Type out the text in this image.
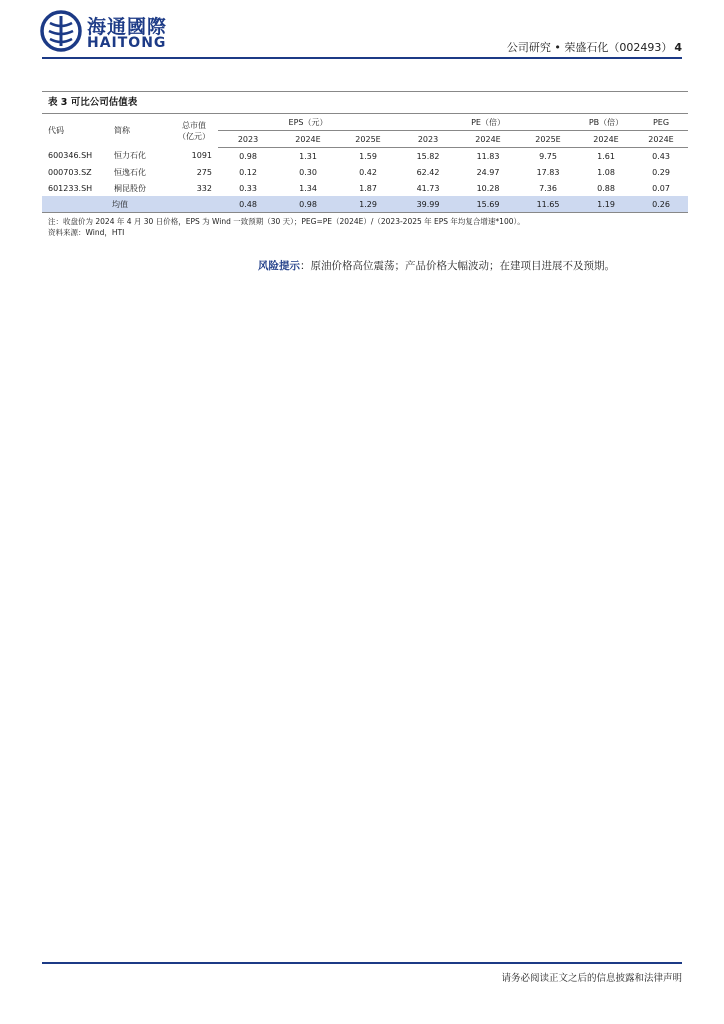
海通國際
HAITONG	公司研究 • 荣盛石化（002493） 4
表 3 可比公司估值表
代码	简称	总市值
（亿元）	EPS（元）			PE（倍）			PB（倍）	PEG
			2023	2024E	2025E	2023	2024E	2025E	2024E	2024E
600346.SH	恒力石化	1091	0.98	1.31	1.59	15.82	11.83	9.75	1.61	0.43
000703.SZ	恒逸石化	275	0.12	0.30	0.42	62.42	24.97	17.83	1.08	0.29
601233.SH	桐昆股份	332	0.33	1.34	1.87	41.73	10.28	7.36	0.88	0.07
	均值		0.48	0.98	1.29	39.99	15.69	11.65	1.19	0.26
注：收盘价为 2024 年 4 月 30 日价格，EPS 为 Wind 一致预期（30 天）；PEG=PE（2024E）/（2023-2025 年 EPS 年均复合增速*100）。
资料来源：Wind，HTI
风险提示：原油价格高位震荡；产品价格大幅波动；在建项目进展不及预期。
请务必阅读正文之后的信息披露和法律声明
